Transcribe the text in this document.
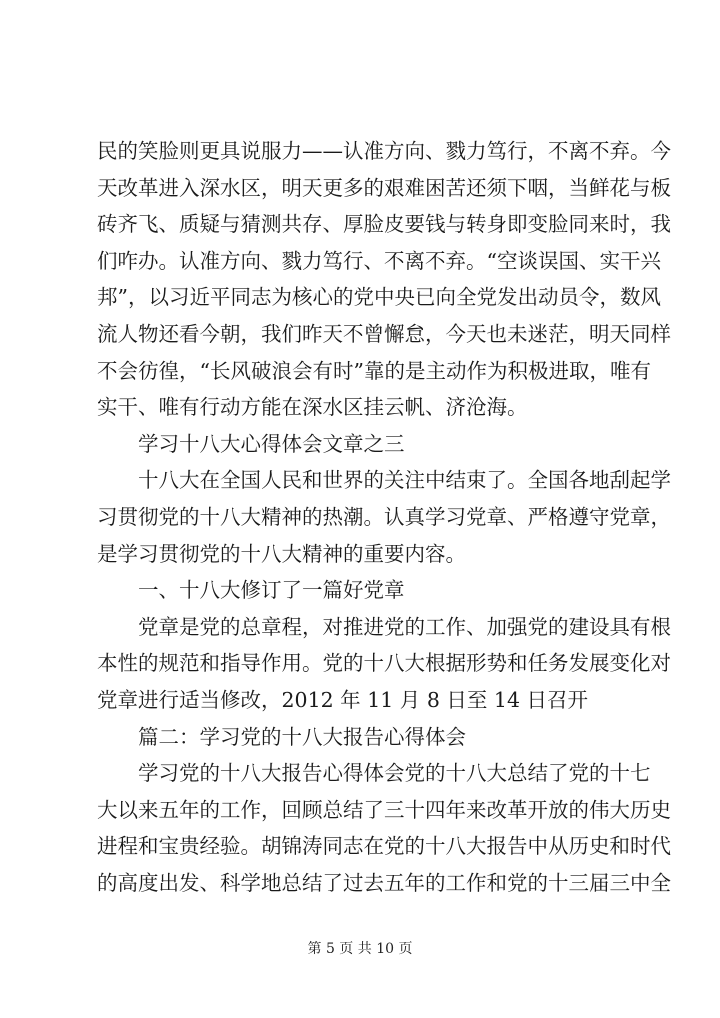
民的笑脸则更具说服力——认准方向、戮力笃行，不离不弃。今
天改革进入深水区，明天更多的艰难困苦还须下咽，当鲜花与板
砖齐飞、质疑与猜测共存、厚脸皮要钱与转身即变脸同来时，我
们咋办。认准方向、戮力笃行、不离不弃。“空谈误国、实干兴
邦”，以习近平同志为核心的党中央已向全党发出动员令，数风
流人物还看今朝，我们昨天不曾懈怠，今天也未迷茫，明天同样
不会彷徨，“长风破浪会有时”靠的是主动作为积极进取，唯有
实干、唯有行动方能在深水区挂云帆、济沧海。
学习十八大心得体会文章之三
十八大在全国人民和世界的关注中结束了。全国各地刮起学
习贯彻党的十八大精神的热潮。认真学习党章、严格遵守党章，
是学习贯彻党的十八大精神的重要内容。
一、十八大修订了一篇好党章
党章是党的总章程，对推进党的工作、加强党的建设具有根
本性的规范和指导作用。党的十八大根据形势和任务发展变化对
党章进行适当修改，2012 年 11 月 8 日至 14 日召开
篇二：学习党的十八大报告心得体会
学习党的十八大报告心得体会党的十八大总结了党的十七
大以来五年的工作，回顾总结了三十四年来改革开放的伟大历史
进程和宝贵经验。胡锦涛同志在党的十八大报告中从历史和时代
的高度出发、科学地总结了过去五年的工作和党的十三届三中全
第 5 页 共 10 页
